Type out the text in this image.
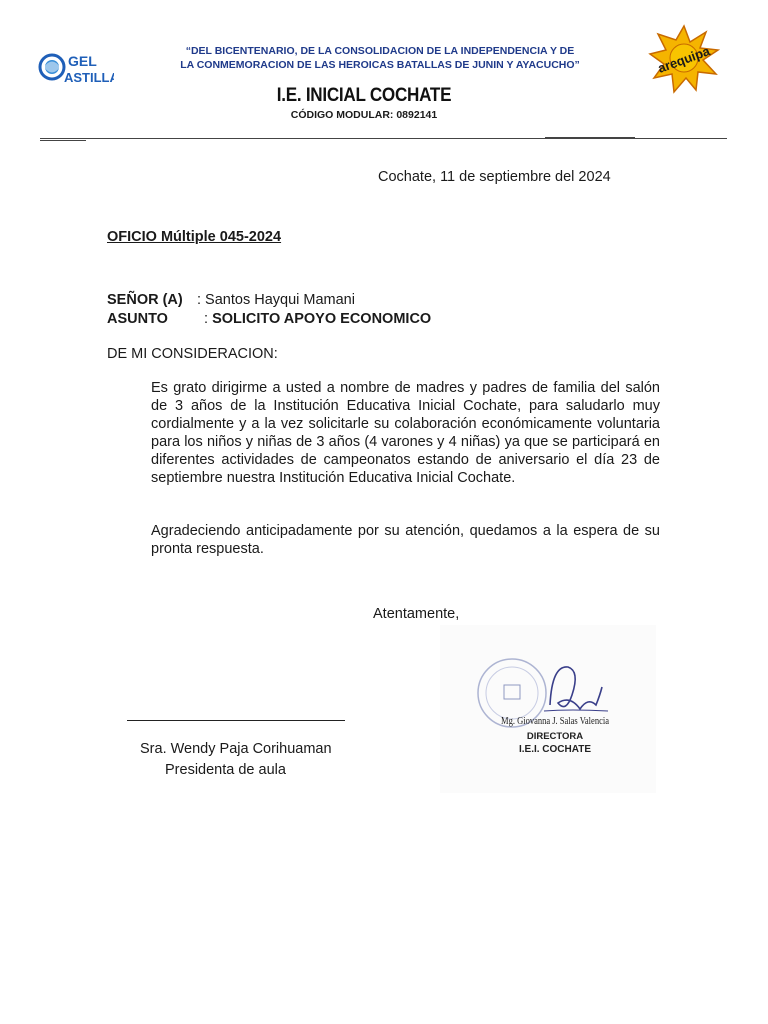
GEL
ASTILLA
“DEL BICENTENARIO, DE LA CONSOLIDACION DE LA INDEPENDENCIA Y DE
LA CONMEMORACION DE LAS HEROICAS BATALLAS DE JUNIN Y AYACUCHO”	arequipa
I.E. INICIAL COCHATE
CÓDIGO MODULAR: 0892141
Cochate, 11 de septiembre del 2024
OFICIO Múltiple 045-2024
SEÑOR (A) : Santos Hayqui Mamani
ASUNTO : SOLICITO APOYO ECONOMICO
DE MI CONSIDERACION:
Es grato dirigirme a usted a nombre de madres y padres de familia del salón de 3 años de la Institución Educativa Inicial Cochate, para saludarlo muy cordialmente y a la vez solicitarle su colaboración económicamente voluntaria para los niños y niñas de 3 años (4 varones y 4 niñas) ya que se participará en diferentes actividades de campeonatos estando de aniversario el día 23 de septiembre nuestra Institución Educativa Inicial Cochate.
Agradeciendo anticipadamente por su atención, quedamos a la espera de su pronta respuesta.
Atentamente,
Sra. Wendy Paja Corihuaman
Presidenta de aula
Mg. Giovanna J. Salas Valencia
DIRECTORA
I.E.I. COCHATE
